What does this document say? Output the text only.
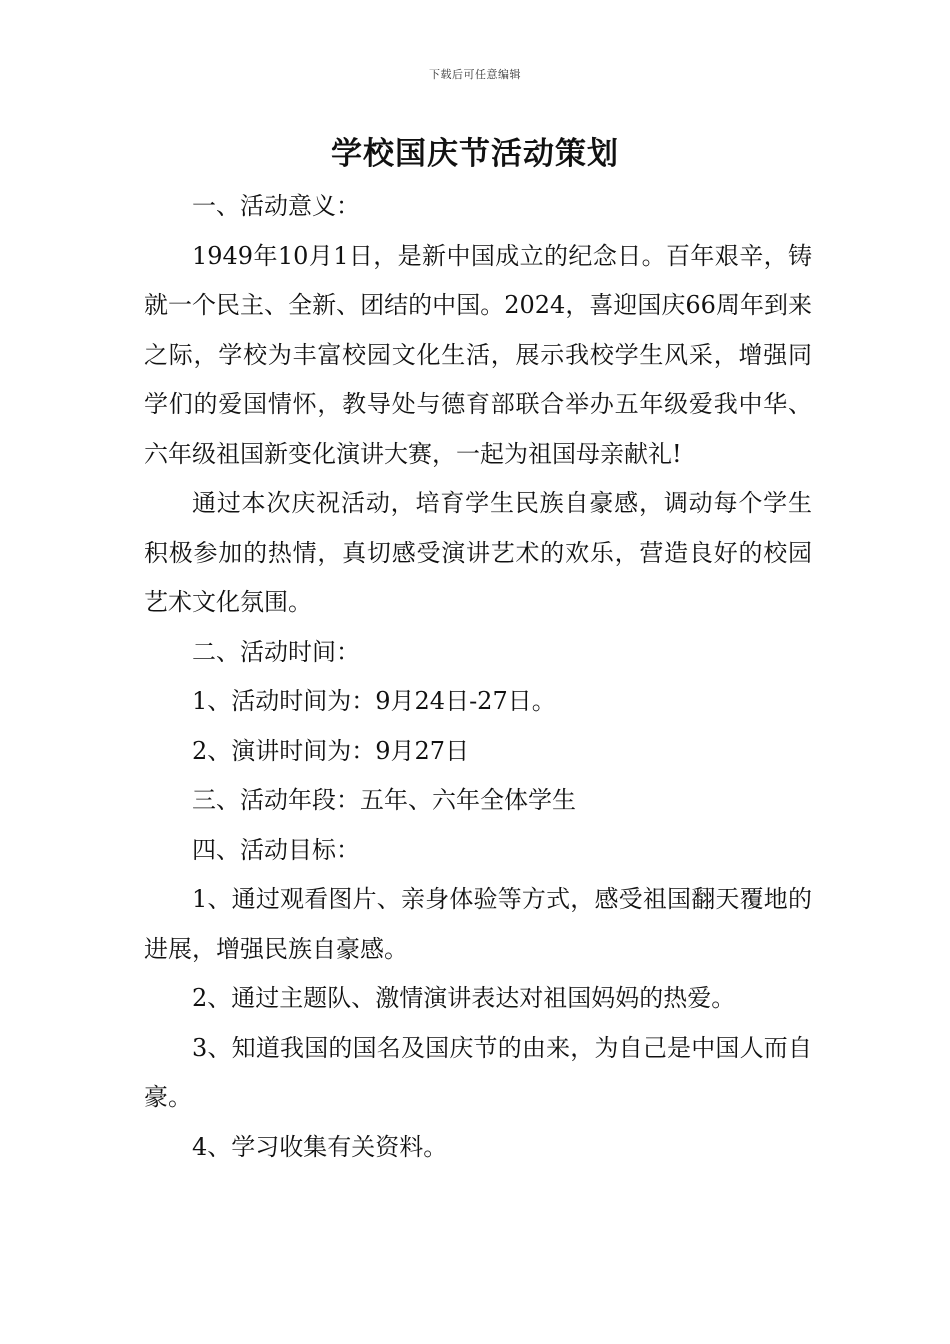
下载后可任意编辑
学校国庆节活动策划

一、活动意义：

1949年10月1日，是新中国成立的纪念日。百年艰辛，铸就一个民主、全新、团结的中国。2024，喜迎国庆66周年到来之际，学校为丰富校园文化生活，展示我校学生风采，增强同学们的爱国情怀，教导处与德育部联合举办五年级爱我中华、六年级祖国新变化演讲大赛，一起为祖国母亲献礼!

通过本次庆祝活动，培育学生民族自豪感，调动每个学生积极参加的热情，真切感受演讲艺术的欢乐，营造良好的校园艺术文化氛围。

二、活动时间：

1、活动时间为：9月24日-27日。

2、演讲时间为：9月27日

三、活动年段：五年、六年全体学生

四、活动目标：

1、通过观看图片、亲身体验等方式，感受祖国翻天覆地的进展，增强民族自豪感。

2、通过主题队、激情演讲表达对祖国妈妈的热爱。

3、知道我国的国名及国庆节的由来，为自己是中国人而自豪。

4、学习收集有关资料。
